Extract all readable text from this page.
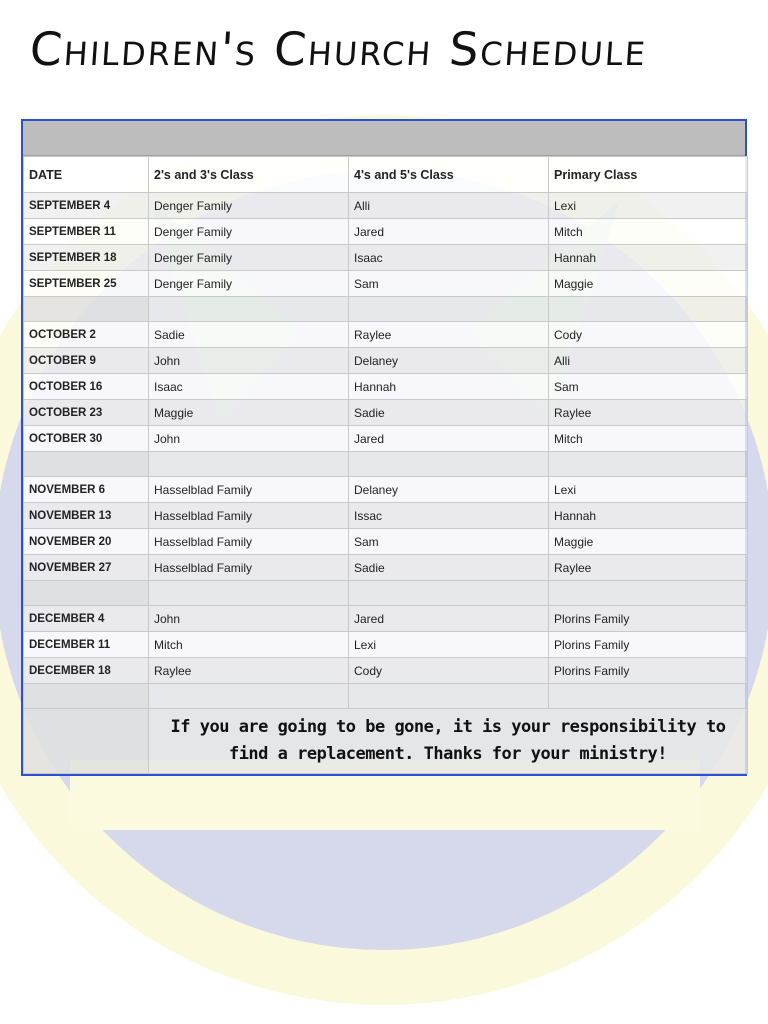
Children's Church Schedule
DATE	2's and 3's Class	4's and 5's Class	Primary Class
SEPTEMBER 4	Denger Family	Alli	Lexi
SEPTEMBER 11	Denger Family	Jared	Mitch
SEPTEMBER 18	Denger Family	Isaac	Hannah
SEPTEMBER 25	Denger Family	Sam	Maggie

OCTOBER 2	Sadie	Raylee	Cody
OCTOBER 9	John	Delaney	Alli
OCTOBER 16	Isaac	Hannah	Sam
OCTOBER 23	Maggie	Sadie	Raylee
OCTOBER 30	John	Jared	Mitch

NOVEMBER 6	Hasselblad Family	Delaney	Lexi
NOVEMBER 13	Hasselblad Family	Issac	Hannah
NOVEMBER 20	Hasselblad Family	Sam	Maggie
NOVEMBER 27	Hasselblad Family	Sadie	Raylee

DECEMBER 4	John	Jared	Plorins Family
DECEMBER 11	Mitch	Lexi	Plorins Family
DECEMBER 18	Raylee	Cody	Plorins Family

	If you are going to be gone, it is your responsibility to find a replacement. Thanks for your ministry!		
